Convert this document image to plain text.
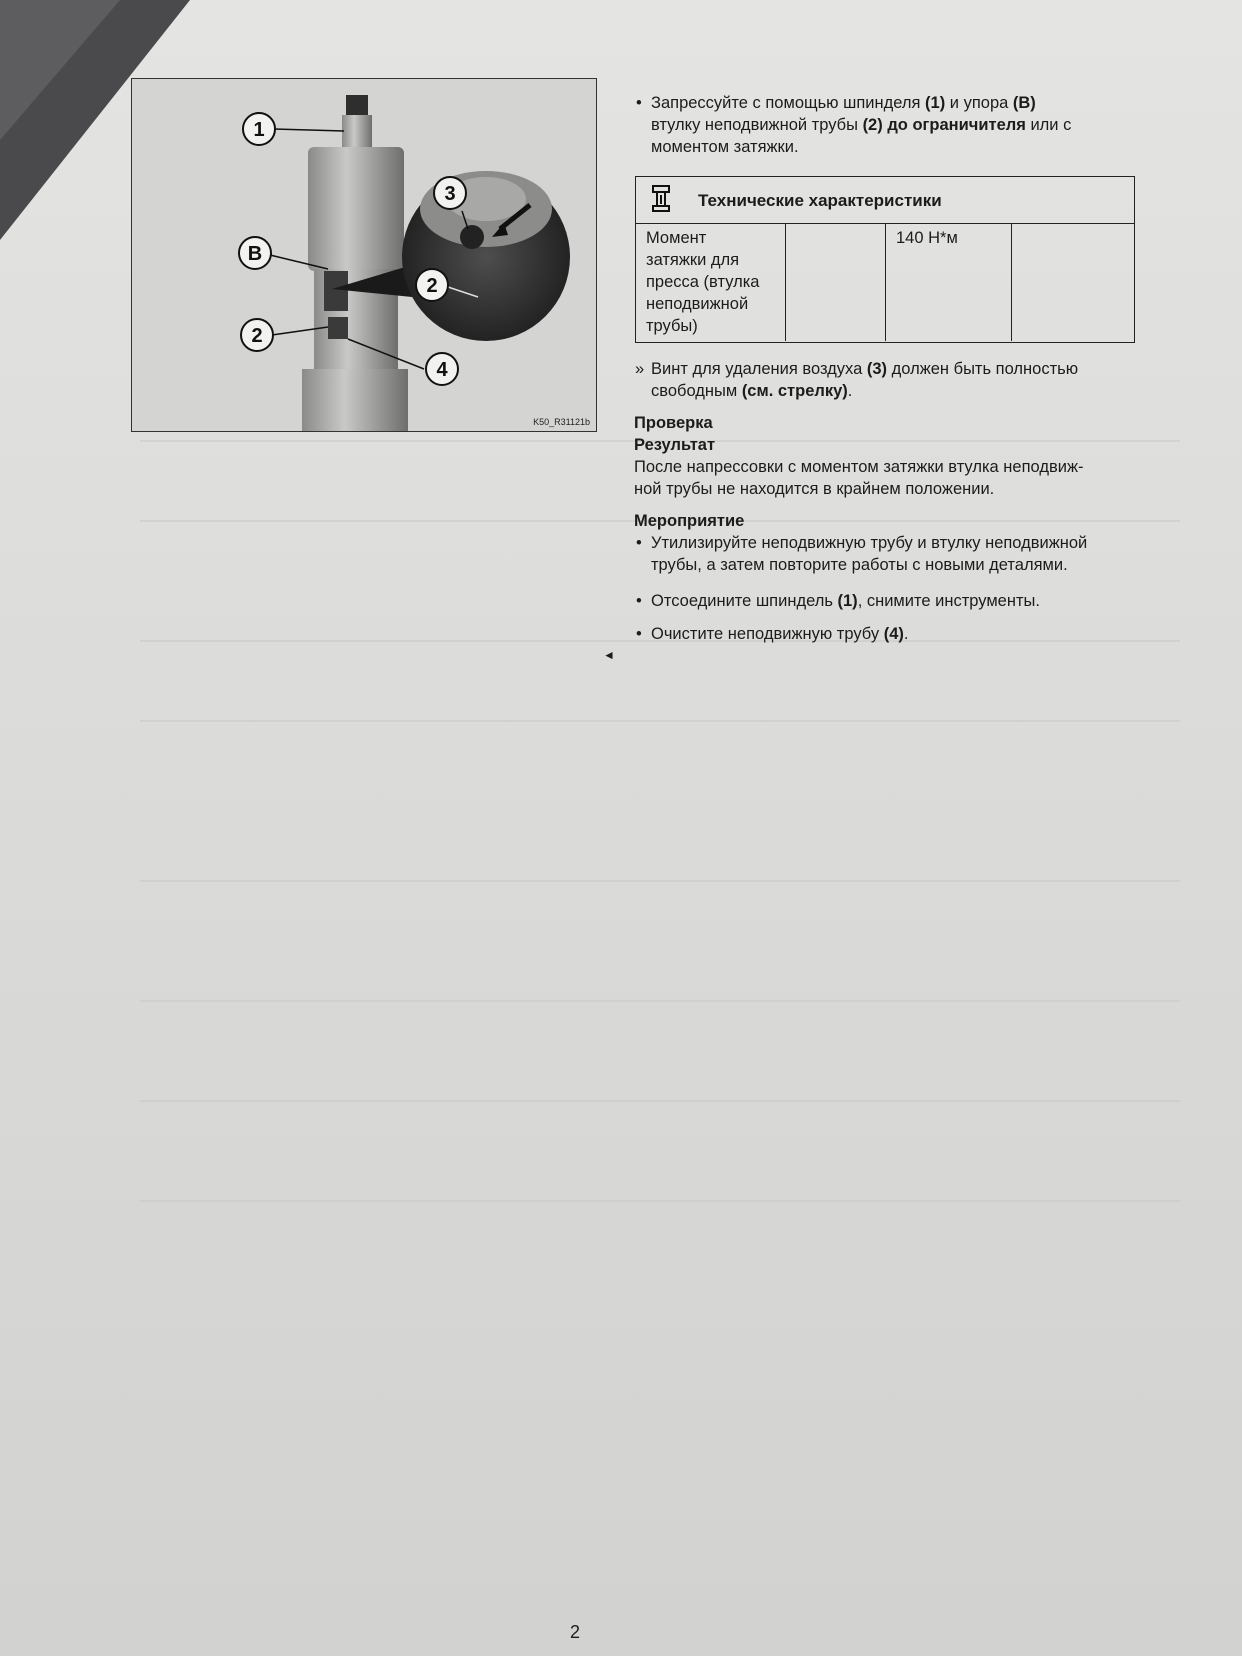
1
B
2
3
2
4
K50_R31121b
• Запрессуйте с помощью шпинделя (1) и упора (B)
втулку неподвижной трубы (2) до ограничителя или с
моментом затяжки.
Технические характеристики
Момент
затяжки для
пресса (втулка
неподвижной
трубы)
140 Н*м
» Винт для удаления воздуха (3) должен быть полностью
свободным (см. стрелку).
Проверка
Результат
После напрессовки с моментом затяжки втулка неподвиж-
ной трубы не находится в крайнем положении.
Мероприятие
• Утилизируйте неподвижную трубу и втулку неподвижной
трубы, а затем повторите работы с новыми деталями.
• Отсоедините шпиндель (1), снимите инструменты.
• Очистите неподвижную трубу (4).
◄
2
